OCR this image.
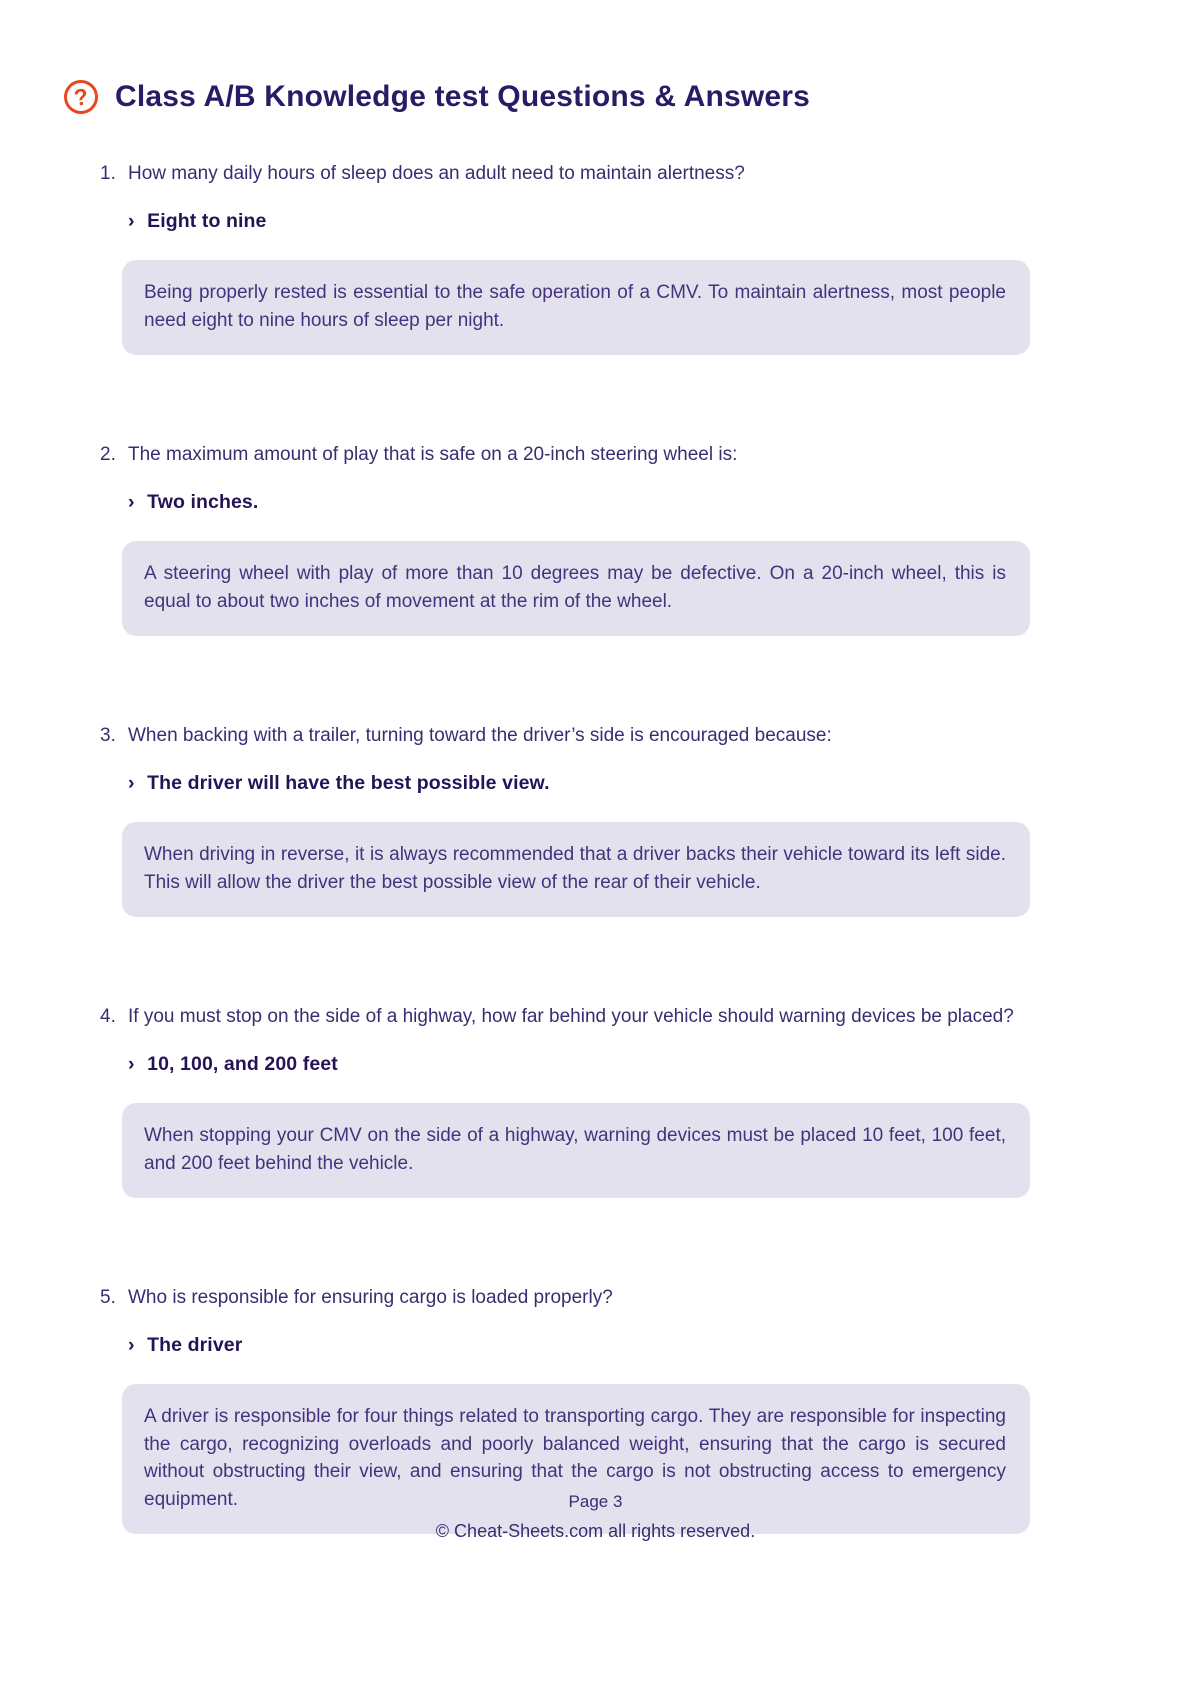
? Class A/B Knowledge test Questions & Answers
1. How many daily hours of sleep does an adult need to maintain alertness?
› Eight to nine
Being properly rested is essential to the safe operation of a CMV. To maintain alertness, most people need eight to nine hours of sleep per night.
2. The maximum amount of play that is safe on a 20-inch steering wheel is:
› Two inches.
A steering wheel with play of more than 10 degrees may be defective. On a 20-inch wheel, this is equal to about two inches of movement at the rim of the wheel.
3. When backing with a trailer, turning toward the driver’s side is encouraged because:
› The driver will have the best possible view.
When driving in reverse, it is always recommended that a driver backs their vehicle toward its left side. This will allow the driver the best possible view of the rear of their vehicle.
4. If you must stop on the side of a highway, how far behind your vehicle should warning devices be placed?
› 10, 100, and 200 feet
When stopping your CMV on the side of a highway, warning devices must be placed 10 feet, 100 feet, and 200 feet behind the vehicle.
5. Who is responsible for ensuring cargo is loaded properly?
› The driver
A driver is responsible for four things related to transporting cargo. They are responsible for inspecting the cargo, recognizing overloads and poorly balanced weight, ensuring that the cargo is secured without obstructing their view, and ensuring that the cargo is not obstructing access to emergency equipment.	Page 3
© Cheat-Sheets.com all rights reserved.
